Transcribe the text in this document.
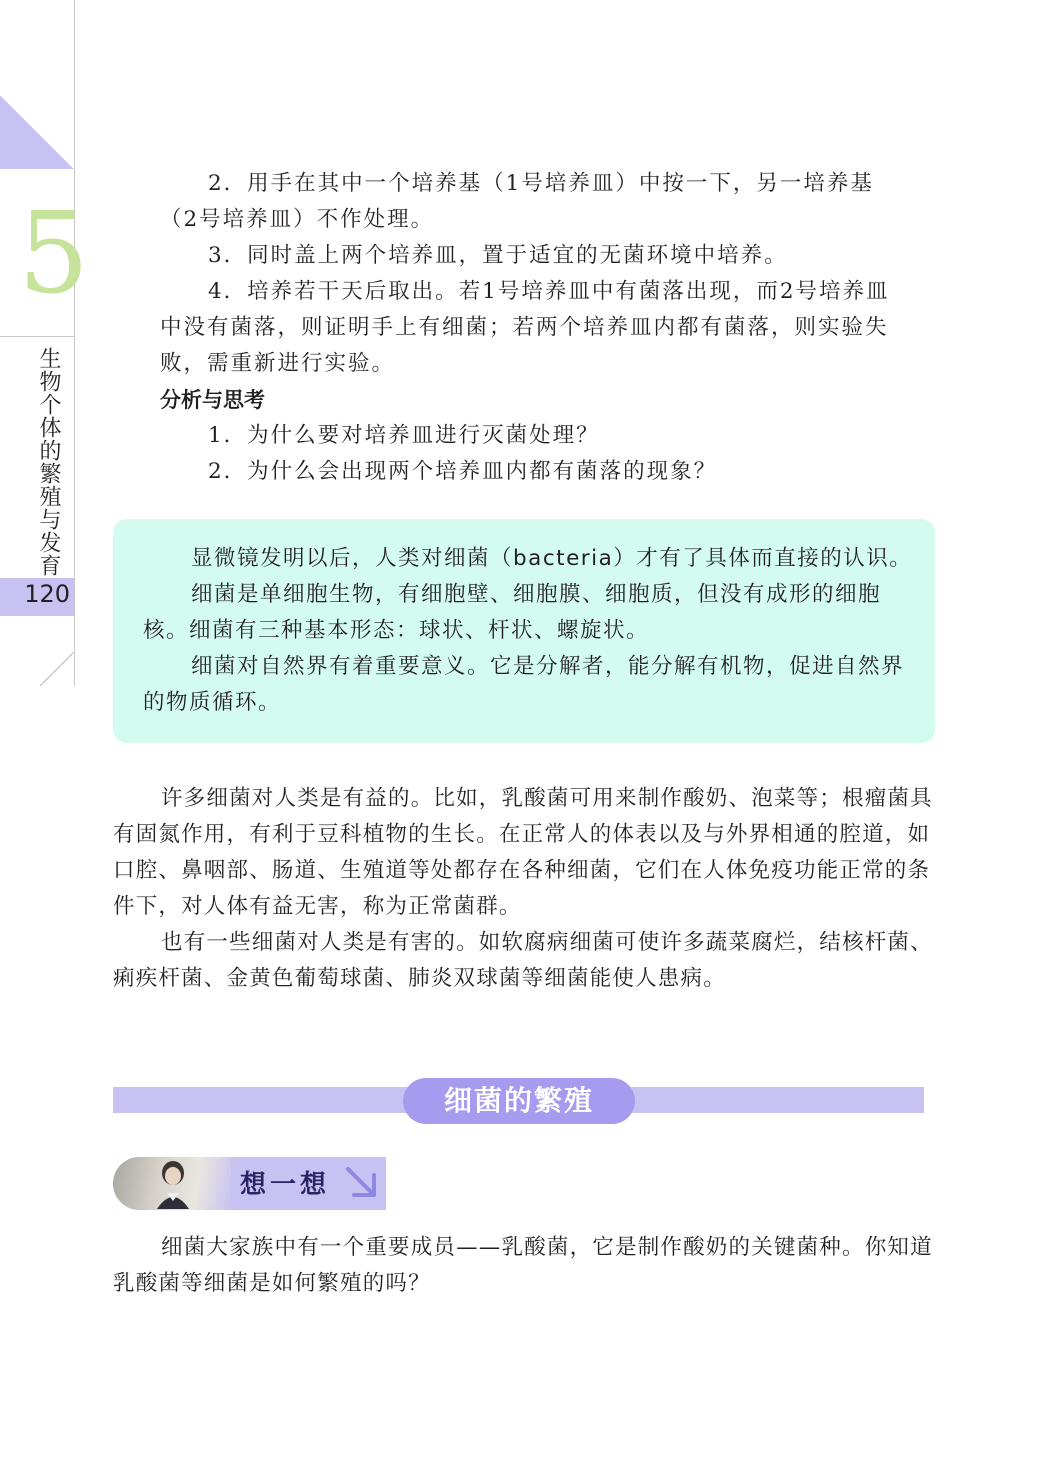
5
生物个体的繁殖与发育
120

2．用手在其中一个培养基（1号培养皿）中按一下，另一培养基（2号培养皿）不作处理。

3．同时盖上两个培养皿，置于适宜的无菌环境中培养。

4．培养若干天后取出。若1号培养皿中有菌落出现，而2号培养皿中没有菌落，则证明手上有细菌；若两个培养皿内都有菌落，则实验失败，需重新进行实验。

分析与思考

1．为什么要对培养皿进行灭菌处理？

2．为什么会出现两个培养皿内都有菌落的现象？

显微镜发明以后，人类对细菌（bacteria）才有了具体而直接的认识。

细菌是单细胞生物，有细胞壁、细胞膜、细胞质，但没有成形的细胞核。细菌有三种基本形态：球状、杆状、螺旋状。

细菌对自然界有着重要意义。它是分解者，能分解有机物，促进自然界的物质循环。

许多细菌对人类是有益的。比如，乳酸菌可用来制作酸奶、泡菜等；根瘤菌具有固氮作用，有利于豆科植物的生长。在正常人的体表以及与外界相通的腔道，如口腔、鼻咽部、肠道、生殖道等处都存在各种细菌，它们在人体免疫功能正常的条件下，对人体有益无害，称为正常菌群。

也有一些细菌对人类是有害的。如软腐病细菌可使许多蔬菜腐烂，结核杆菌、痢疾杆菌、金黄色葡萄球菌、肺炎双球菌等细菌能使人患病。

细菌的繁殖
想一想

细菌大家族中有一个重要成员——乳酸菌，它是制作酸奶的关键菌种。你知道乳酸菌等细菌是如何繁殖的吗？
